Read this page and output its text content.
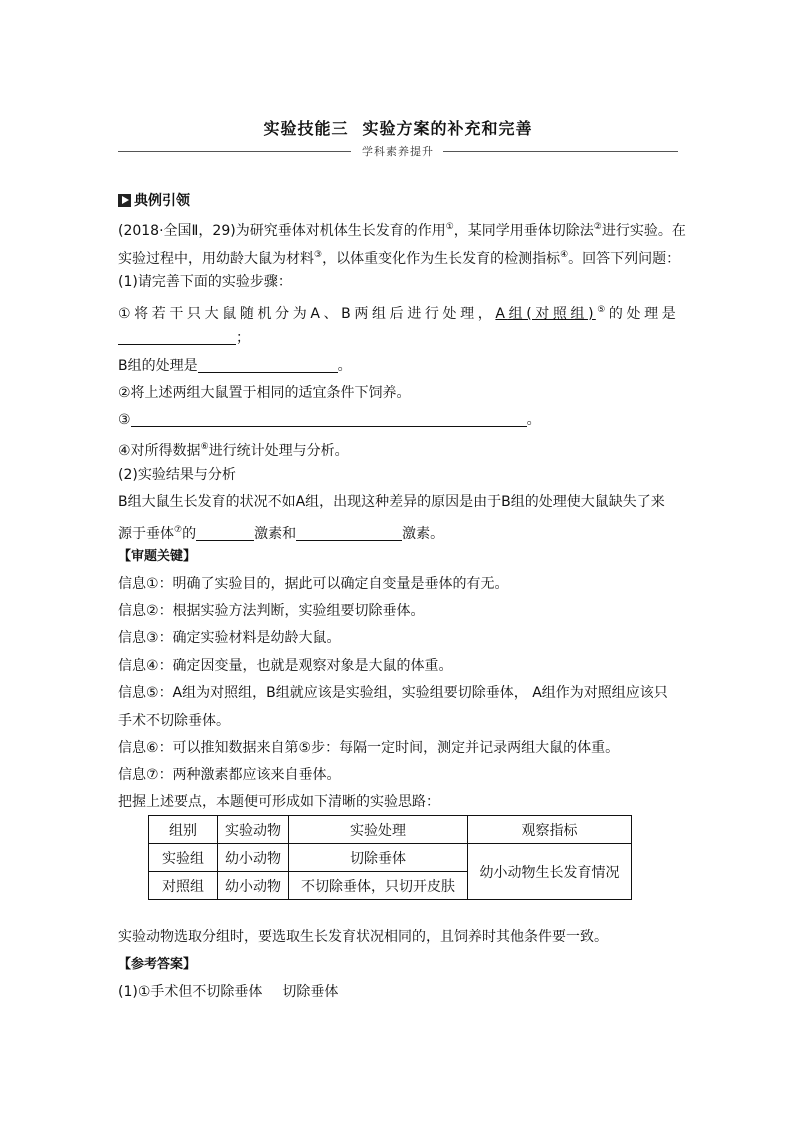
实验技能三 实验方案的补充和完善
学科素养提升
典例引领
(2018·全国Ⅱ，29)为研究垂体对机体生长发育的作用①，某同学用垂体切除法②进行实验。在
实验过程中，用幼龄大鼠为材料③，以体重变化作为生长发育的检测指标④。回答下列问题：
(1)请完善下面的实验步骤：
①将若干只大鼠随机分为A、B两组后进行处理，A组(对照组)⑤的处理是
；
B组的处理是	。
②将上述两组大鼠置于相同的适宜条件下饲养。
③	。
④对所得数据⑥进行统计处理与分析。
(2)实验结果与分析
B组大鼠生长发育的状况不如A组，出现这种差异的原因是由于B组的处理使大鼠缺失了来
源于垂体⑦的	激素和	激素。
【审题关键】
信息①：明确了实验目的，据此可以确定自变量是垂体的有无。
信息②：根据实验方法判断，实验组要切除垂体。
信息③：确定实验材料是幼龄大鼠。
信息④：确定因变量，也就是观察对象是大鼠的体重。
信息⑤：A组为对照组，B组就应该是实验组，实验组要切除垂体， A组作为对照组应该只
手术不切除垂体。
信息⑥：可以推知数据来自第⑤步：每隔一定时间，测定并记录两组大鼠的体重。
信息⑦：两种激素都应该来自垂体。
把握上述要点，本题便可形成如下清晰的实验思路：
组别	实验动物	实验处理	观察指标
实验组	幼小动物	切除垂体	幼小动物生长发育情况
对照组	幼小动物	不切除垂体，只切开皮肤	
实验动物选取分组时，要选取生长发育状况相同的，且饲养时其他条件要一致。
【参考答案】
(1)①手术但不切除垂体 切除垂体
